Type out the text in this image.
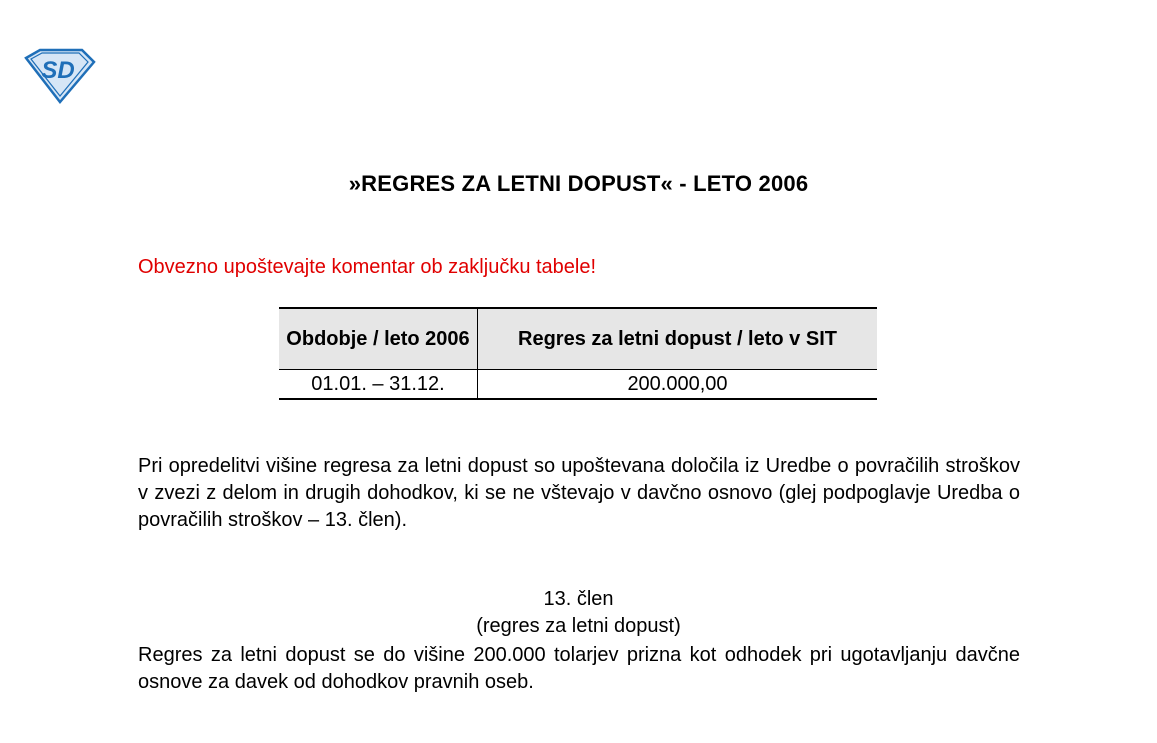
SD
»REGRES ZA LETNI DOPUST« - LETO 2006
Obvezno upoštevajte komentar ob zaključku tabele!
Obdobje / leto 2006	Regres za letni dopust / leto v SIT
01.01. – 31.12.	200.000,00
Pri opredelitvi višine regresa za letni dopust so upoštevana določila iz Uredbe o povračilih stroškov v zvezi z delom in drugih dohodkov, ki se ne vštevajo v davčno osnovo (glej podpoglavje Uredba o povračilih stroškov – 13. člen).
13. člen
(regres za letni dopust)
Regres za letni dopust se do višine 200.000 tolarjev prizna kot odhodek pri ugotavljanju davčne osnove za davek od dohodkov pravnih oseb.
